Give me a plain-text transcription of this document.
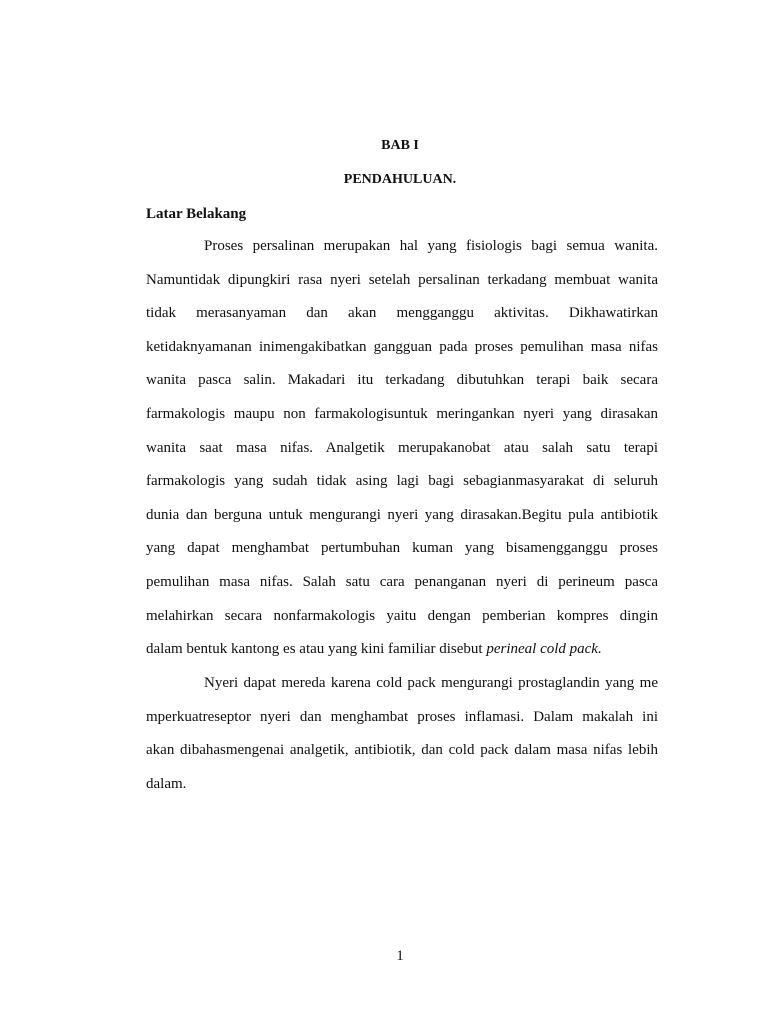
BAB I
PENDAHULUAN.
Latar Belakang
Proses persalinan merupakan hal yang fisiologis bagi semua wanita.
Namuntidak dipungkiri rasa nyeri setelah persalinan terkadang membuat wanita
tidak merasanyaman dan akan mengganggu aktivitas. Dikhawatirkan
ketidaknyamanan inimengakibatkan gangguan pada proses pemulihan masa nifas
wanita pasca salin. Makadari itu terkadang dibutuhkan terapi baik secara
farmakologis maupu non farmakologisuntuk meringankan nyeri yang dirasakan
wanita saat masa nifas. Analgetik merupakanobat atau salah satu terapi
farmakologis yang sudah tidak asing lagi bagi sebagianmasyarakat di seluruh
dunia dan berguna untuk mengurangi nyeri yang dirasakan.Begitu pula antibiotik
yang dapat menghambat pertumbuhan kuman yang bisamengganggu proses
pemulihan masa nifas. Salah satu cara penanganan nyeri di perineum pasca
melahirkan secara nonfarmakologis yaitu dengan pemberian kompres dingin
dalam bentuk kantong es atau yang kini familiar disebut perineal cold pack.
Nyeri dapat mereda karena cold pack mengurangi prostaglandin yang me
mperkuatreseptor nyeri dan menghambat proses inflamasi. Dalam makalah ini
akan dibahasmengenai analgetik, antibiotik, dan cold pack dalam masa nifas lebih
dalam.
1
